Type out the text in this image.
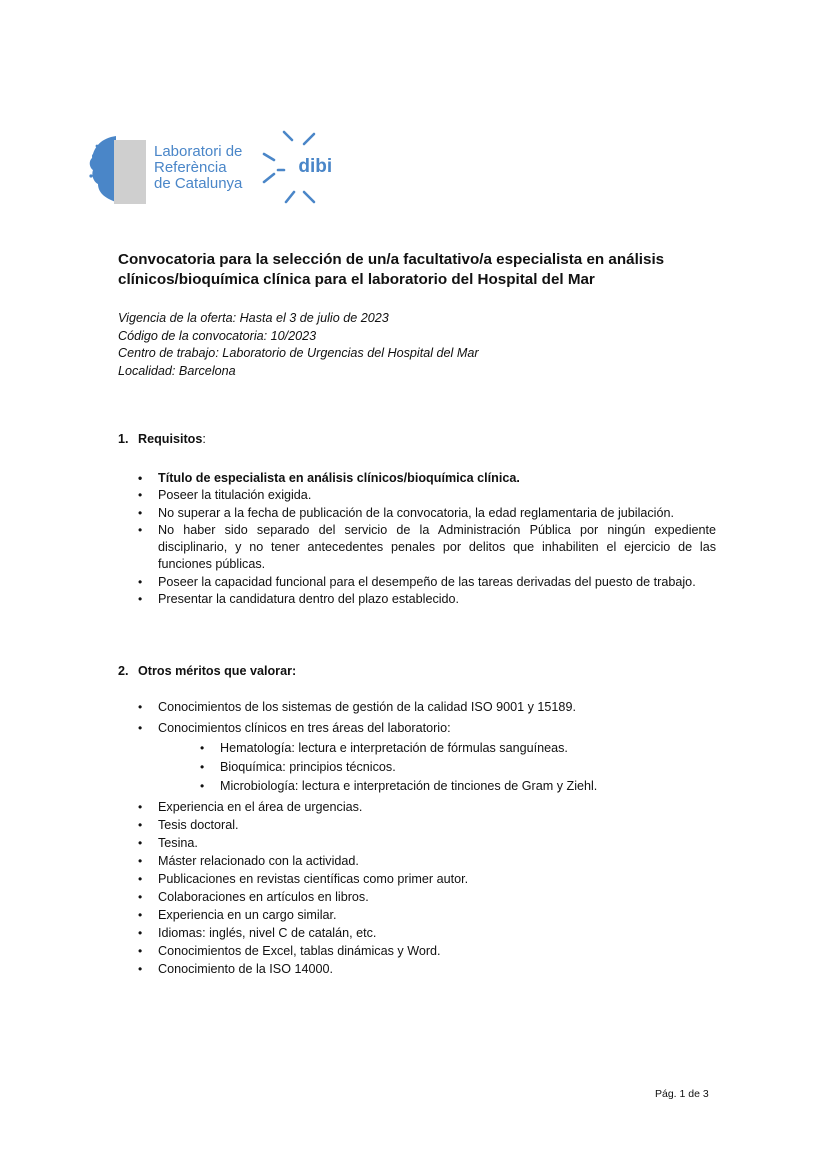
Laboratori de
Referència
de Catalunya
dibi
Convocatoria para la selección de un/a facultativo/a especialista en análisis clínicos/bioquímica clínica para el laboratorio del Hospital del Mar
Vigencia de la oferta: Hasta el 3 de julio de 2023
Código de la convocatoria: 10/2023
Centro de trabajo: Laboratorio de Urgencias del Hospital del Mar
Localidad: Barcelona
1. Requisitos:
• Título de especialista en análisis clínicos/bioquímica clínica.
• Poseer la titulación exigida.
• No superar a la fecha de publicación de la convocatoria, la edad reglamentaria de jubilación.
• No haber sido separado del servicio de la Administración Pública por ningún expediente disciplinario, y no tener antecedentes penales por delitos que inhabiliten el ejercicio de las funciones públicas.
• Poseer la capacidad funcional para el desempeño de las tareas derivadas del puesto de trabajo.
• Presentar la candidatura dentro del plazo establecido.
2. Otros méritos que valorar:
• Conocimientos de los sistemas de gestión de la calidad ISO 9001 y 15189.
• Conocimientos clínicos en tres áreas del laboratorio:
• Hematología: lectura e interpretación de fórmulas sanguíneas.
• Bioquímica: principios técnicos.
• Microbiología: lectura e interpretación de tinciones de Gram y Ziehl.
• Experiencia en el área de urgencias.
• Tesis doctoral.
• Tesina.
• Máster relacionado con la actividad.
• Publicaciones en revistas científicas como primer autor.
• Colaboraciones en artículos en libros.
• Experiencia en un cargo similar.
• Idiomas: inglés, nivel C de catalán, etc.
• Conocimientos de Excel, tablas dinámicas y Word.
• Conocimiento de la ISO 14000.
Pág. 1 de 3
